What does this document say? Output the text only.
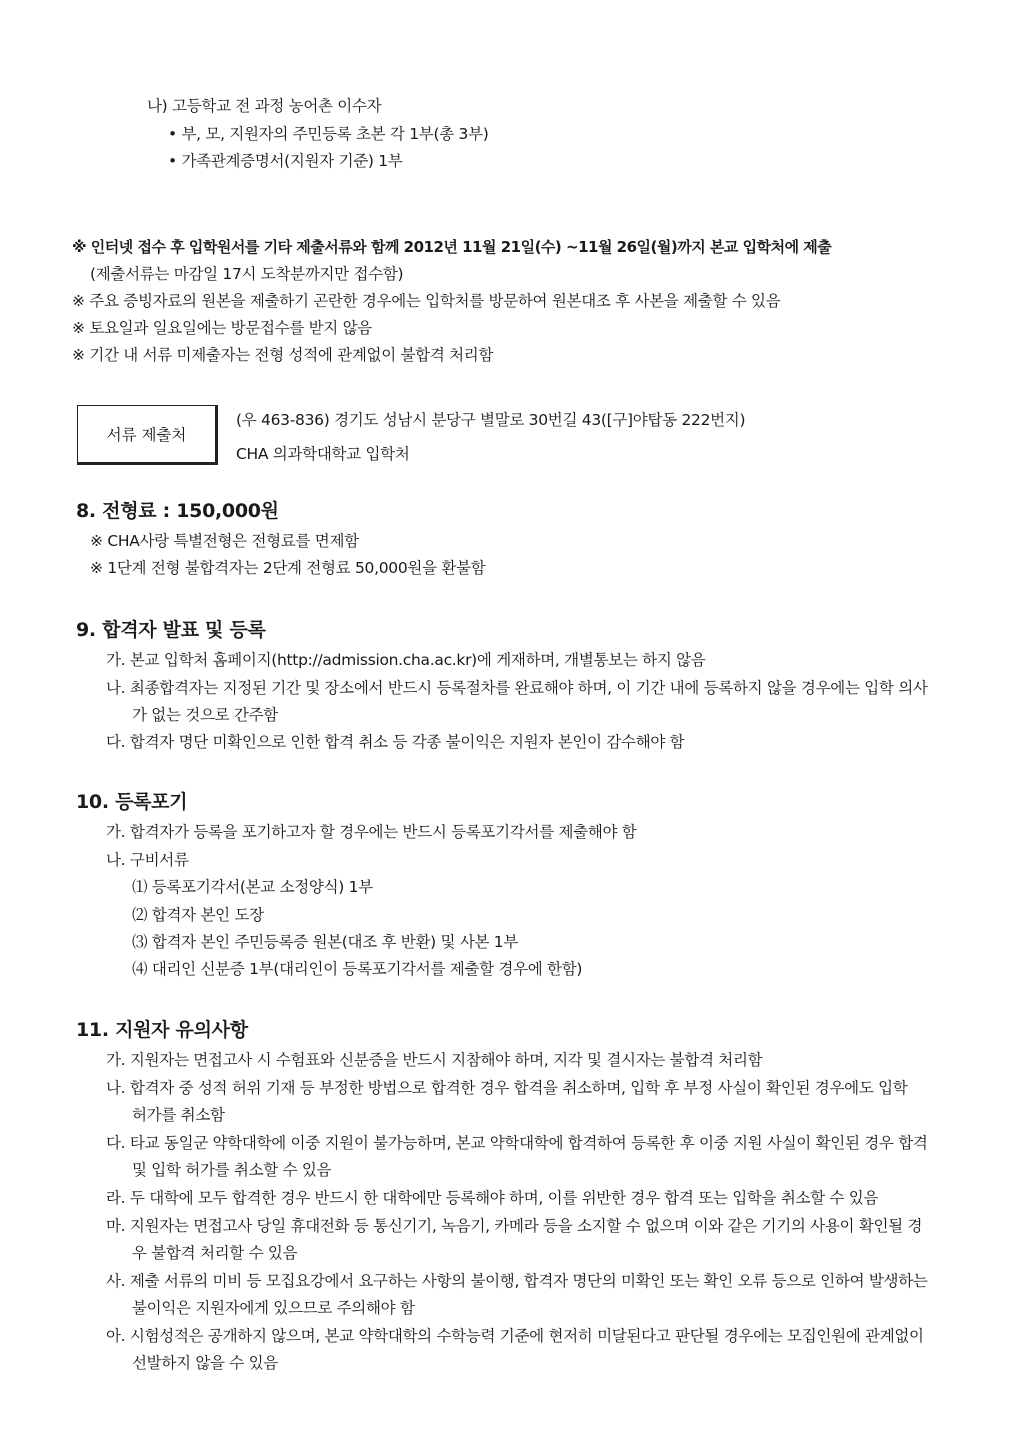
나) 고등학교 전 과정 농어촌 이수자
• 부, 모, 지원자의 주민등록 초본 각 1부(총 3부)
• 가족관계증명서(지원자 기준) 1부
※ 인터넷 접수 후 입학원서를 기타 제출서류와 함께 2012년 11월 21일(수) ~11월 26일(월)까지 본교 입학처에 제출
(제출서류는 마감일 17시 도착분까지만 접수함)
※ 주요 증빙자료의 원본을 제출하기 곤란한 경우에는 입학처를 방문하여 원본대조 후 사본을 제출할 수 있음
※ 토요일과 일요일에는 방문접수를 받지 않음
※ 기간 내 서류 미제출자는 전형 성적에 관계없이 불합격 처리함
서류 제출처
(우 463-836) 경기도 성남시 분당구 별말로 30번길 43([구]야탑동 222번지)
CHA 의과학대학교 입학처
8. 전형료 : 150,000원
※ CHA사랑 특별전형은 전형료를 면제함
※ 1단계 전형 불합격자는 2단계 전형료 50,000원을 환불함
9. 합격자 발표 및 등록
가. 본교 입학처 홈페이지(http://admission.cha.ac.kr)에 게재하며, 개별통보는 하지 않음
나. 최종합격자는 지정된 기간 및 장소에서 반드시 등록절차를 완료해야 하며, 이 기간 내에 등록하지 않을 경우에는 입학 의사
가 없는 것으로 간주함
다. 합격자 명단 미확인으로 인한 합격 취소 등 각종 불이익은 지원자 본인이 감수해야 함
10. 등록포기
가. 합격자가 등록을 포기하고자 할 경우에는 반드시 등록포기각서를 제출해야 함
나. 구비서류
⑴ 등록포기각서(본교 소정양식) 1부
⑵ 합격자 본인 도장
⑶ 합격자 본인 주민등록증 원본(대조 후 반환) 및 사본 1부
⑷ 대리인 신분증 1부(대리인이 등록포기각서를 제출할 경우에 한함)
11. 지원자 유의사항
가. 지원자는 면접고사 시 수험표와 신분증을 반드시 지참해야 하며, 지각 및 결시자는 불합격 처리함
나. 합격자 중 성적 허위 기재 등 부정한 방법으로 합격한 경우 합격을 취소하며, 입학 후 부정 사실이 확인된 경우에도 입학
허가를 취소함
다. 타교 동일군 약학대학에 이중 지원이 불가능하며, 본교 약학대학에 합격하여 등록한 후 이중 지원 사실이 확인된 경우 합격
및 입학 허가를 취소할 수 있음
라. 두 대학에 모두 합격한 경우 반드시 한 대학에만 등록해야 하며, 이를 위반한 경우 합격 또는 입학을 취소할 수 있음
마. 지원자는 면접고사 당일 휴대전화 등 통신기기, 녹음기, 카메라 등을 소지할 수 없으며 이와 같은 기기의 사용이 확인될 경
우 불합격 처리할 수 있음
사. 제출 서류의 미비 등 모집요강에서 요구하는 사항의 불이행, 합격자 명단의 미확인 또는 확인 오류 등으로 인하여 발생하는
불이익은 지원자에게 있으므로 주의해야 함
아. 시험성적은 공개하지 않으며, 본교 약학대학의 수학능력 기준에 현저히 미달된다고 판단될 경우에는 모집인원에 관계없이
선발하지 않을 수 있음
